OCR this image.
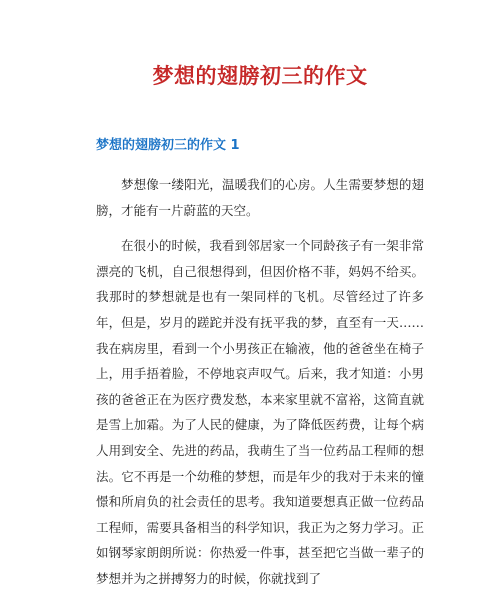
梦想的翅膀初三的作文
梦想的翅膀初三的作文 1

梦想像一缕阳光，温暖我们的心房。人生需要梦想的翅膀，才能有一片蔚蓝的天空。

在很小的时候，我看到邻居家一个同龄孩子有一架非常漂亮的飞机，自己很想得到，但因价格不菲，妈妈不给买。我那时的梦想就是也有一架同样的飞机。尽管经过了许多年，但是，岁月的蹉跎并没有抚平我的梦，直至有一天……我在病房里，看到一个小男孩正在输液，他的爸爸坐在椅子上，用手捂着脸，不停地哀声叹气。后来，我才知道：小男孩的爸爸正在为医疗费发愁，本来家里就不富裕，这简直就是雪上加霜。为了人民的健康，为了降低医药费，让每个病人用到安全、先进的药品，我萌生了当一位药品工程师的想法。它不再是一个幼稚的梦想，而是年少的我对于未来的憧憬和所肩负的社会责任的思考。我知道要想真正做一位药品工程师，需要具备相当的科学知识，我正为之努力学习。正如钢琴家朗朗所说：你热爱一件事，甚至把它当做一辈子的梦想并为之拼搏努力的时候，你就找到了
